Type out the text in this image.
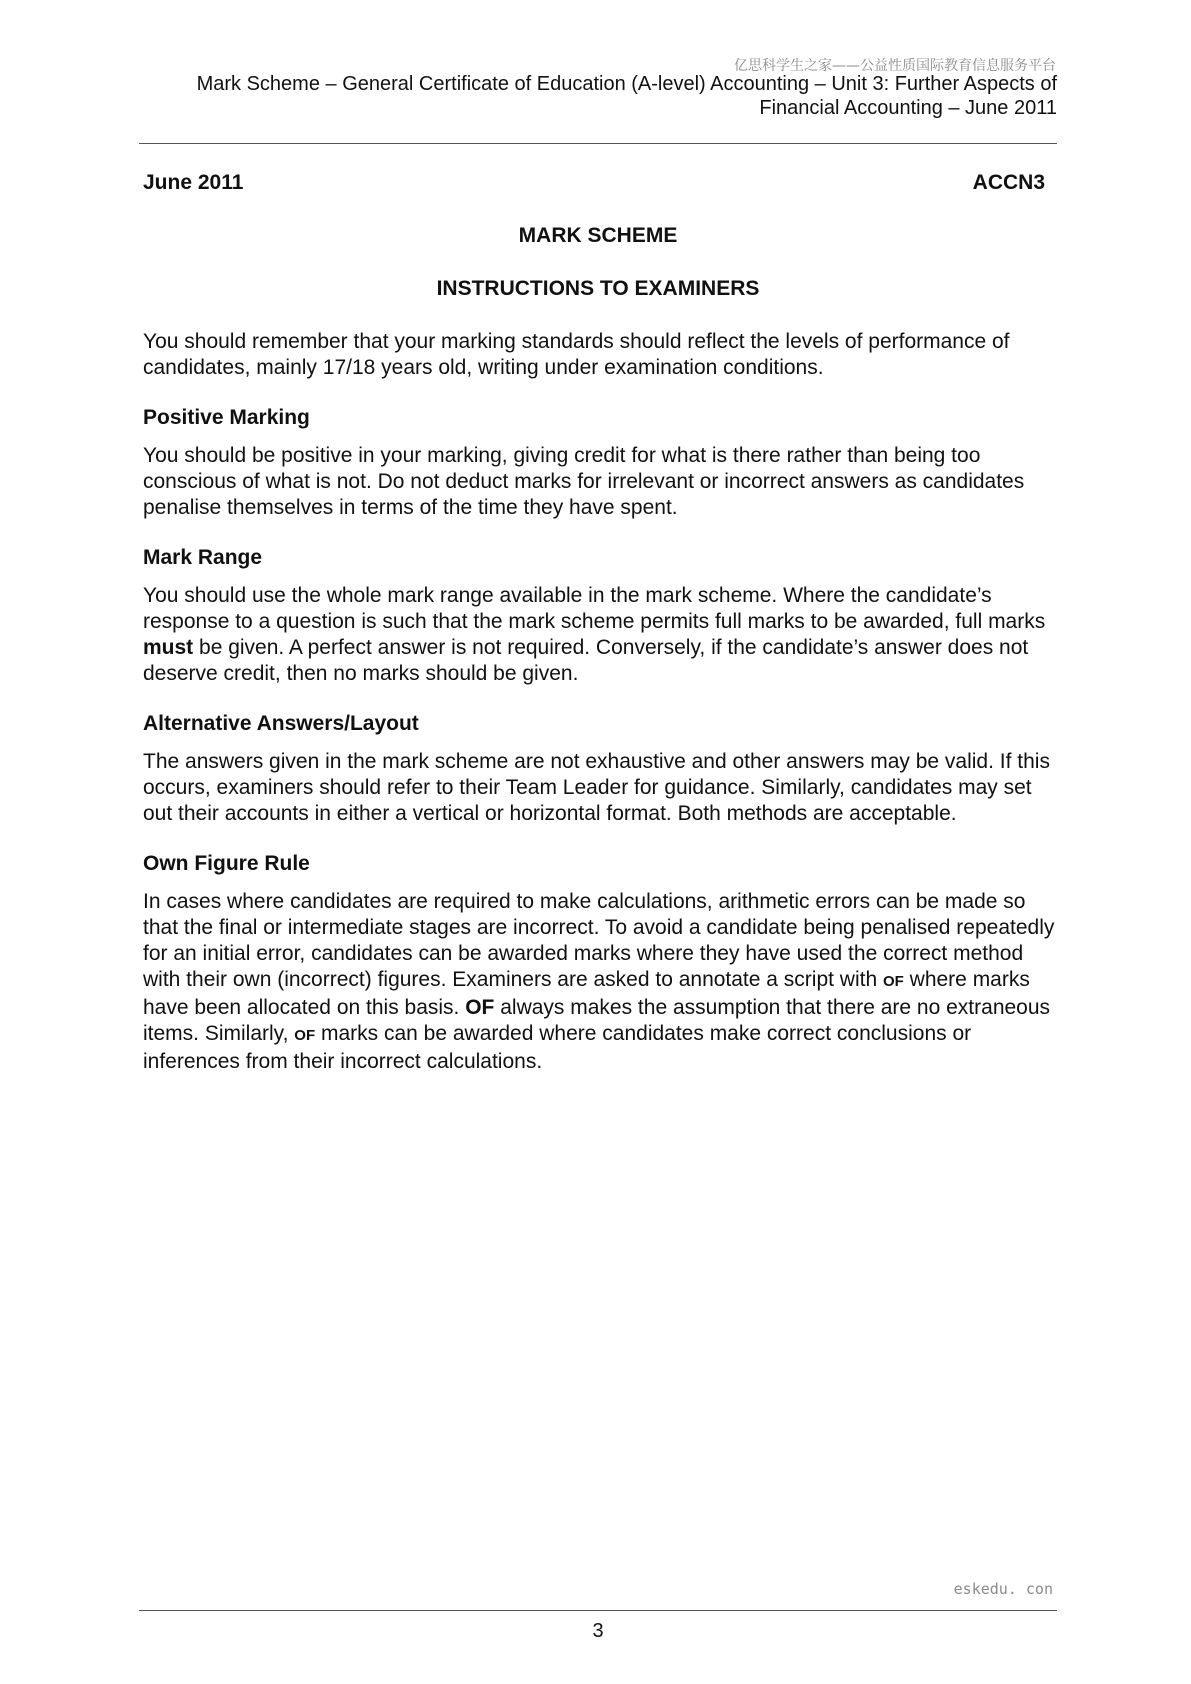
亿思科学生之家——公益性质国际教育信息服务平台
Mark Scheme – General Certificate of Education (A-level) Accounting – Unit 3: Further Aspects of
Financial Accounting – June 2011
June 2011	ACCN3
MARK SCHEME
INSTRUCTIONS TO EXAMINERS

You should remember that your marking standards should reflect the levels of performance of candidates, mainly 17/18 years old, writing under examination conditions.

Positive Marking

You should be positive in your marking, giving credit for what is there rather than being too conscious of what is not. Do not deduct marks for irrelevant or incorrect answers as candidates penalise themselves in terms of the time they have spent.

Mark Range

You should use the whole mark range available in the mark scheme. Where the candidate’s response to a question is such that the mark scheme permits full marks to be awarded, full marks must be given. A perfect answer is not required. Conversely, if the candidate’s answer does not deserve credit, then no marks should be given.

Alternative Answers/Layout

The answers given in the mark scheme are not exhaustive and other answers may be valid. If this occurs, examiners should refer to their Team Leader for guidance. Similarly, candidates may set out their accounts in either a vertical or horizontal format. Both methods are acceptable.

Own Figure Rule

In cases where candidates are required to make calculations, arithmetic errors can be made so that the final or intermediate stages are incorrect. To avoid a candidate being penalised repeatedly for an initial error, candidates can be awarded marks where they have used the correct method with their own (incorrect) figures. Examiners are asked to annotate a script with OF where marks have been allocated on this basis. OF always makes the assumption that there are no extraneous items. Similarly, OF marks can be awarded where candidates make correct conclusions or inferences from their incorrect calculations.

eskedu. con
3
